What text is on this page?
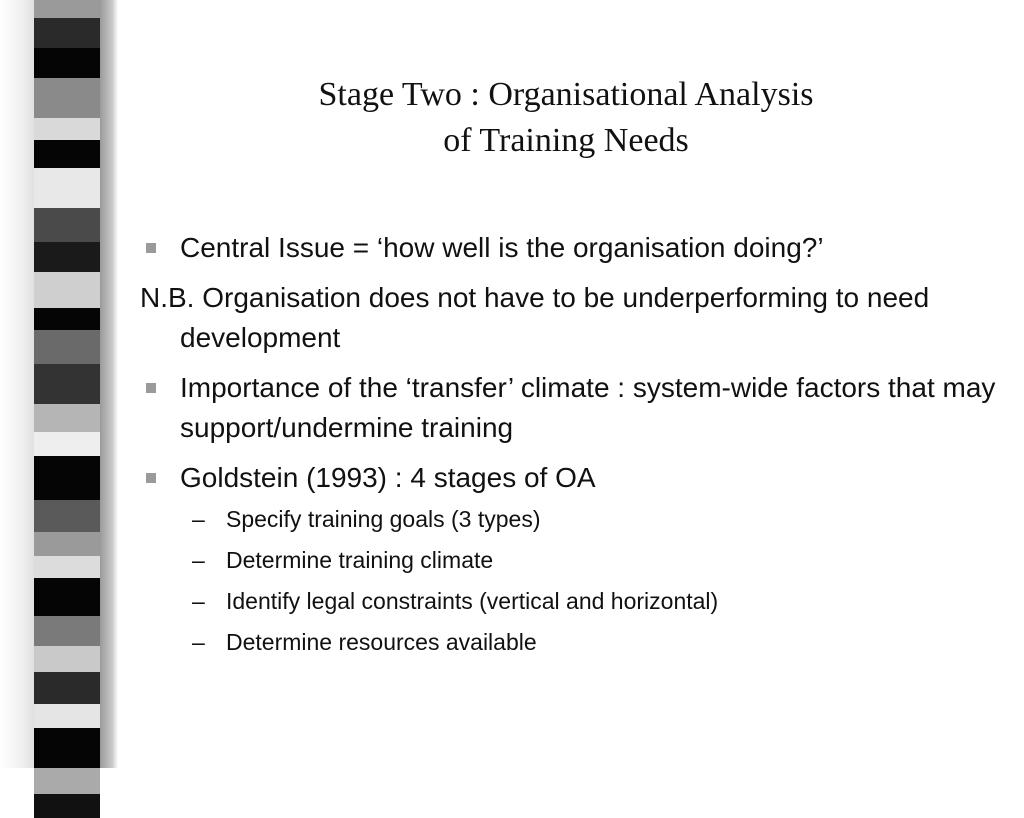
Stage Two : Organisational Analysis
of Training Needs
Central Issue = ‘how well is the organisation doing?’
N.B. Organisation does not have to be underperforming to need development
Importance of the ‘transfer’ climate : system-wide factors that may support/undermine training
Goldstein (1993) : 4 stages of OA
– Specify training goals (3 types)
– Determine training climate
– Identify legal constraints (vertical and horizontal)
– Determine resources available
